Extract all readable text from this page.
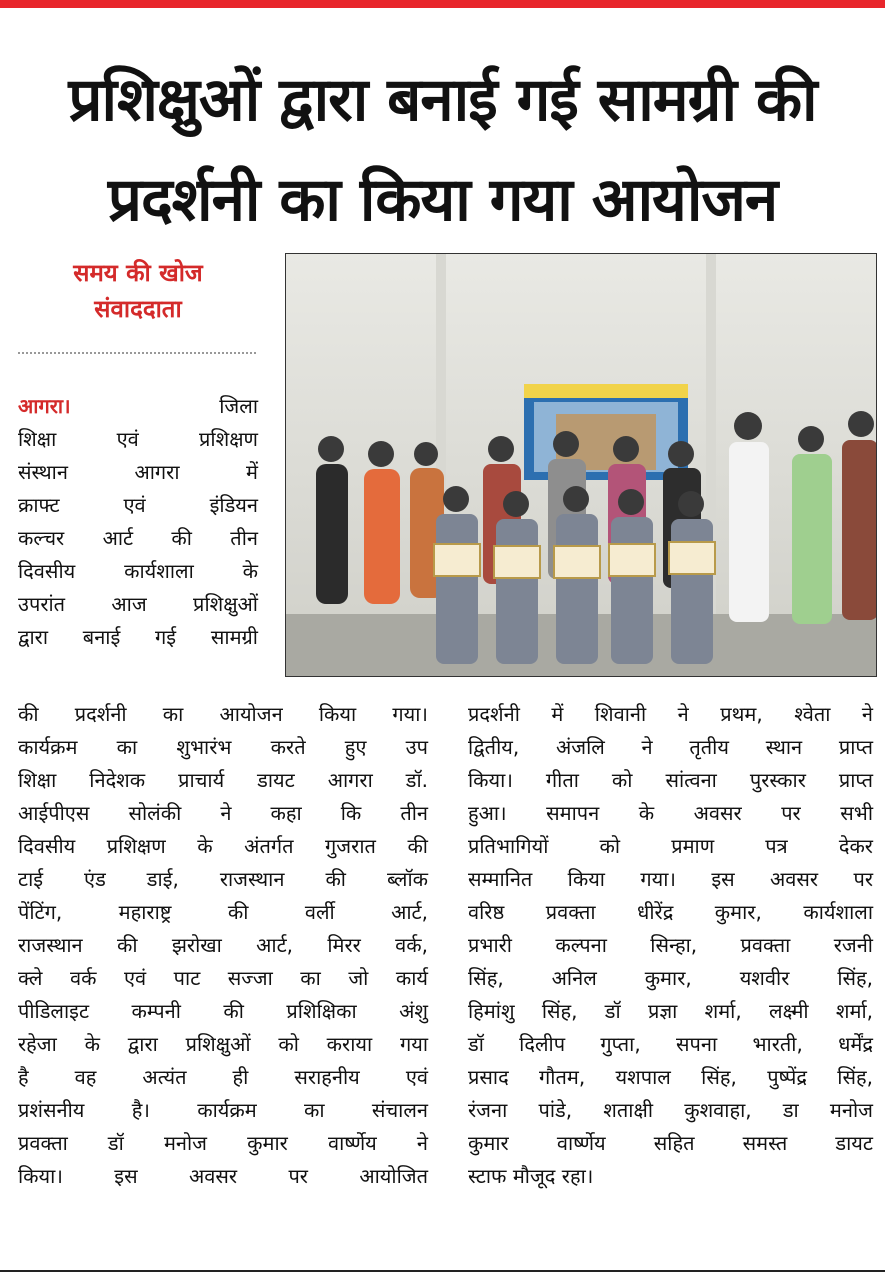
प्रशिक्षुओं द्वारा बनाई गई सामग्री की
प्रदर्शनी का किया गया आयोजन
समय की खोज
संवाददाता
आगरा।	जिला
शिक्षा एवं प्रशिक्षण
संस्थान आगरा में
क्राफ्ट एवं इंडियन
कल्चर आर्ट की तीन
दिवसीय कार्यशाला के
उपरांत आज प्रशिक्षुओं
द्वारा बनाई गई सामग्री
की प्रदर्शनी का आयोजन किया गया।
कार्यक्रम का शुभारंभ करते हुए उप
शिक्षा निदेशक प्राचार्य डायट आगरा डॉ.
आईपीएस सोलंकी ने कहा कि तीन
दिवसीय प्रशिक्षण के अंतर्गत गुजरात की
टाई एंड डाई, राजस्थान की ब्लॉक
पेंटिंग, महाराष्ट्र की वर्ली आर्ट,
राजस्थान की झरोखा आर्ट, मिरर वर्क,
क्ले वर्क एवं पाट सज्जा का जो कार्य
पीडिलाइट कम्पनी की प्रशिक्षिका अंशु
रहेजा के द्वारा प्रशिक्षुओं को कराया गया
है वह अत्यंत ही सराहनीय एवं
प्रशंसनीय है। कार्यक्रम का संचालन
प्रवक्ता डॉ मनोज कुमार वार्ष्णेय ने
किया। इस अवसर पर आयोजित
प्रदर्शनी में शिवानी ने प्रथम, श्वेता ने
द्वितीय, अंजलि ने तृतीय स्थान प्राप्त
किया। गीता को सांत्वना पुरस्कार प्राप्त
हुआ। समापन के अवसर पर सभी
प्रतिभागियों को प्रमाण पत्र देकर
सम्मानित किया गया। इस अवसर पर
वरिष्ठ प्रवक्ता धीरेंद्र कुमार, कार्यशाला
प्रभारी कल्पना सिन्हा, प्रवक्ता रजनी
सिंह, अनिल कुमार, यशवीर सिंह,
हिमांशु सिंह, डॉ प्रज्ञा शर्मा, लक्ष्मी शर्मा,
डॉ दिलीप गुप्ता, सपना भारती, धर्मेंद्र
प्रसाद गौतम, यशपाल सिंह, पुष्पेंद्र सिंह,
रंजना पांडे, शताक्षी कुशवाहा, डा मनोज
कुमार वार्ष्णेय सहित समस्त डायट
स्टाफ मौजूद रहा।
